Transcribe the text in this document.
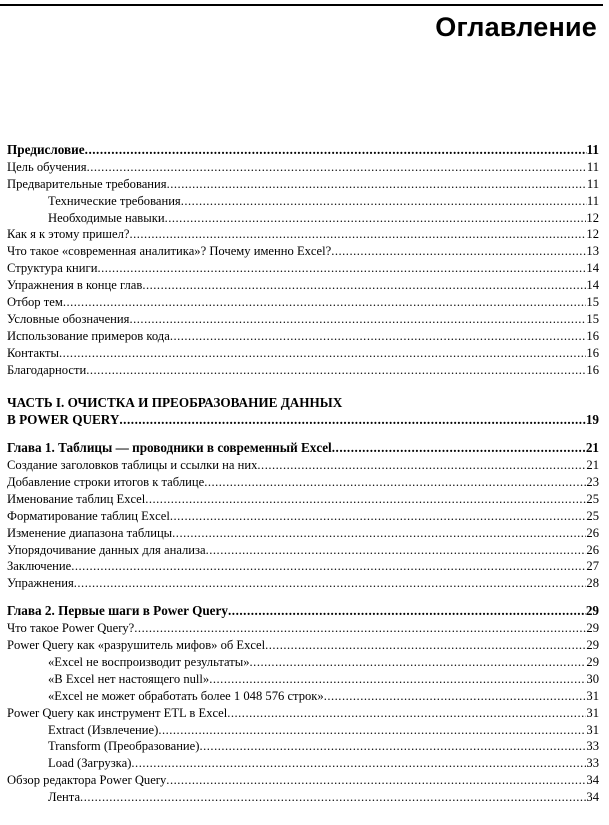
Оглавление
Предисловие .....	11
Цель обучения .....	11
Предварительные требования .....	11
Технические требования .....	11
Необходимые навыки .....	12
Как я к этому пришел? .....	12
Что такое «современная аналитика»? Почему именно Excel? .....	13
Структура книги .....	14
Упражнения в конце глав .....	14
Отбор тем .....	15
Условные обозначения .....	15
Использование примеров кода .....	16
Контакты .....	16
Благодарности .....	16
ЧАСТЬ I. ОЧИСТКА И ПРЕОБРАЗОВАНИЕ ДАННЫХ
В POWER QUERY .....	19
Глава 1. Таблицы — проводники в современный Excel .....	21
Создание заголовков таблицы и ссылки на них .....	21
Добавление строки итогов к таблице .....	23
Именование таблиц Excel .....	25
Форматирование таблиц Excel .....	25
Изменение диапазона таблицы .....	26
Упорядочивание данных для анализа .....	26
Заключение .....	27
Упражнения .....	28
Глава 2. Первые шаги в Power Query .....	29
Что такое Power Query? .....	29
Power Query как «разрушитель мифов» об Excel .....	29
«Excel не воспроизводит результаты» .....	29
«В Excel нет настоящего null» .....	30
«Excel не может обработать более 1 048 576 строк» .....	31
Power Query как инструмент ETL в Excel .....	31
Extract (Извлечение) .....	31
Transform (Преобразование) .....	33
Load (Загрузка) .....	33
Обзор редактора Power Query .....	34
Лента .....	34
